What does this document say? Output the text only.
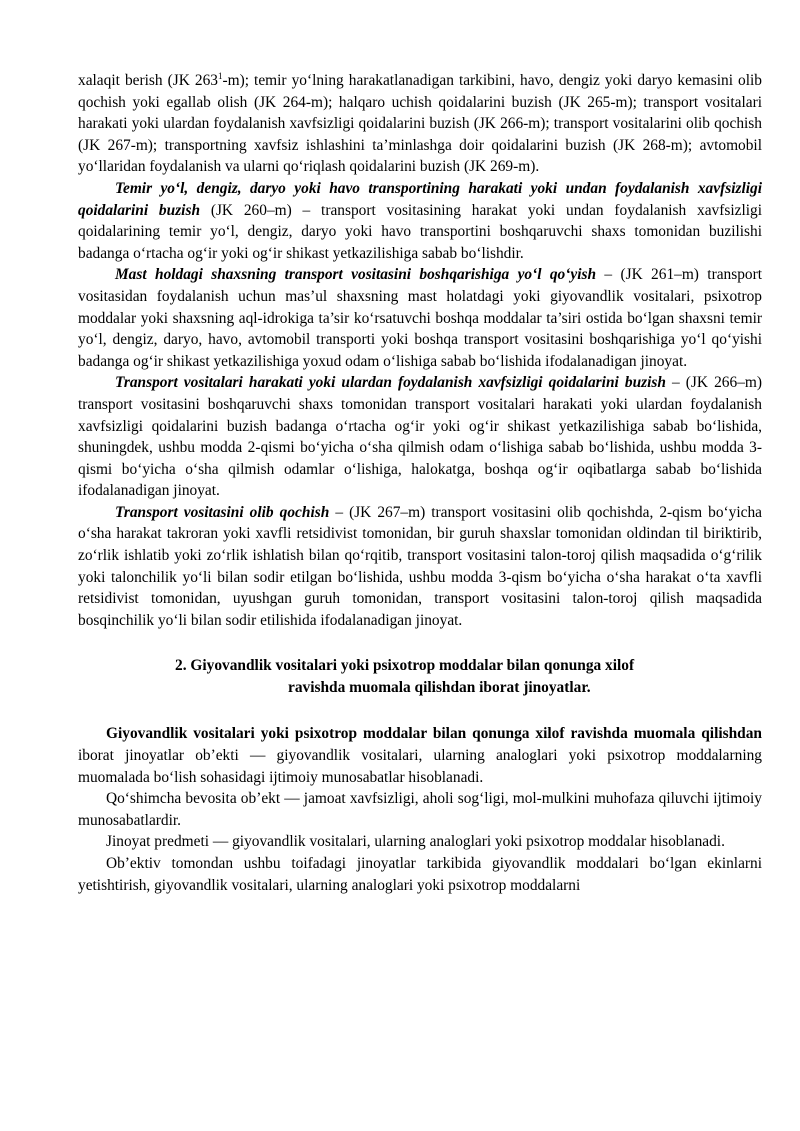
xalaqit berish (JK $263^1-m$); temir yo‘lning harakatlanadigan tarkibini, havo, dengiz yoki daryo kemasini olib qochish yoki egallab olish (JK 264-m); halqaro uchish qoidalarini buzish (JK 265-m); transport vositalari harakati yoki ulardan foydalanish xavfsizligi qoidalarini buzish (JK 266-m); transport vositalarini olib qochish (JK 267-m); transportning xavfsiz ishlashini ta’minlashga doir qoidalarini buzish (JK 268-m); avtomobil yo‘llaridan foydalanish va ularni qo‘riqlash qoidalarini buzish (JK 269-m).

Temir yo‘l, dengiz, daryo yoki havo transportining harakati yoki undan foydalanish xavfsizligi qoidalarini buzish (JK 260–m) – transport vositasining harakat yoki undan foydalanish xavfsizligi qoidalarining temir yo‘l, dengiz, daryo yoki havo transportini boshqaruvchi shaxs tomonidan buzilishi badanga o‘rtacha og‘ir yoki og‘ir shikast yetkazilishiga sabab bo‘lishdir.

Mast holdagi shaxsning transport vositasini boshqarishiga yo‘l qo‘yish – (JK 261–m) transport vositasidan foydalanish uchun mas’ul shaxsning mast holatdagi yoki giyovandlik vositalari, psixotrop moddalar yoki shaxsning aql-idrokiga ta’sir ko‘rsatuvchi boshqa moddalar ta’siri ostida bo‘lgan shaxsni temir yo‘l, dengiz, daryo, havo, avtomobil transporti yoki boshqa transport vositasini boshqarishiga yo‘l qo‘yishi badanga og‘ir shikast yetkazilishiga yoxud odam o‘lishiga sabab bo‘lishida ifodalanadigan jinoyat.

Transport vositalari harakati yoki ulardan foydalanish xavfsizligi qoidalarini buzish – (JK 266–m) transport vositasini boshqaruvchi shaxs tomonidan transport vositalari harakati yoki ulardan foydalanish xavfsizligi qoidalarini buzish badanga o‘rtacha og‘ir yoki og‘ir shikast yetkazilishiga sabab bo‘lishida, shuningdek, ushbu modda 2-qismi bo‘yicha o‘sha qilmish odam o‘lishiga sabab bo‘lishida, ushbu modda 3-qismi bo‘yicha o‘sha qilmish odamlar o‘lishiga, halokatga, boshqa og‘ir oqibatlarga sabab bo‘lishida ifodalanadigan jinoyat.

Transport vositasini olib qochish – (JK 267–m) transport vositasini olib qochishda, 2-qism bo‘yicha o‘sha harakat takroran yoki xavfli retsidivist tomonidan, bir guruh shaxslar tomonidan oldindan til biriktirib, zo‘rlik ishlatib yoki zo‘rlik ishlatish bilan qo‘rqitib, transport vositasini talon-toroj qilish maqsadida o‘g‘rilik yoki talonchilik yo‘li bilan sodir etilgan bo‘lishida, ushbu modda 3-qism bo‘yicha o‘sha harakat o‘ta xavfli retsidivist tomonidan, uyushgan guruh tomonidan, transport vositasini talon-toroj qilish maqsadida bosqinchilik yo‘li bilan sodir etilishida ifodalanadigan jinoyat.

2. Giyovandlik vositalari yoki psixotrop moddalar bilan qonunga xilof
ravishda muomala qilishdan iborat jinoyatlar.

Giyovandlik vositalari yoki psixotrop moddalar bilan qonunga xilof ravishda muomala qilishdan iborat jinoyatlar ob’ekti — giyovandlik vositalari, ularning analoglari yoki psixotrop moddalarning muomalada bo‘lish sohasidagi ijtimoiy munosabatlar hisoblanadi.

Qo‘shimcha bevosita ob’ekt — jamoat xavfsizligi, aholi sog‘ligi, mol-mulkini muhofaza qiluvchi ijtimoiy munosabatlardir.

Jinoyat predmeti — giyovandlik vositalari, ularning analoglari yoki psixotrop moddalar hisoblanadi.

Ob’ektiv tomondan ushbu toifadagi jinoyatlar tarkibida giyovandlik moddalari bo‘lgan ekinlarni yetishtirish, giyovandlik vositalari, ularning analoglari yoki psixotrop moddalarni
